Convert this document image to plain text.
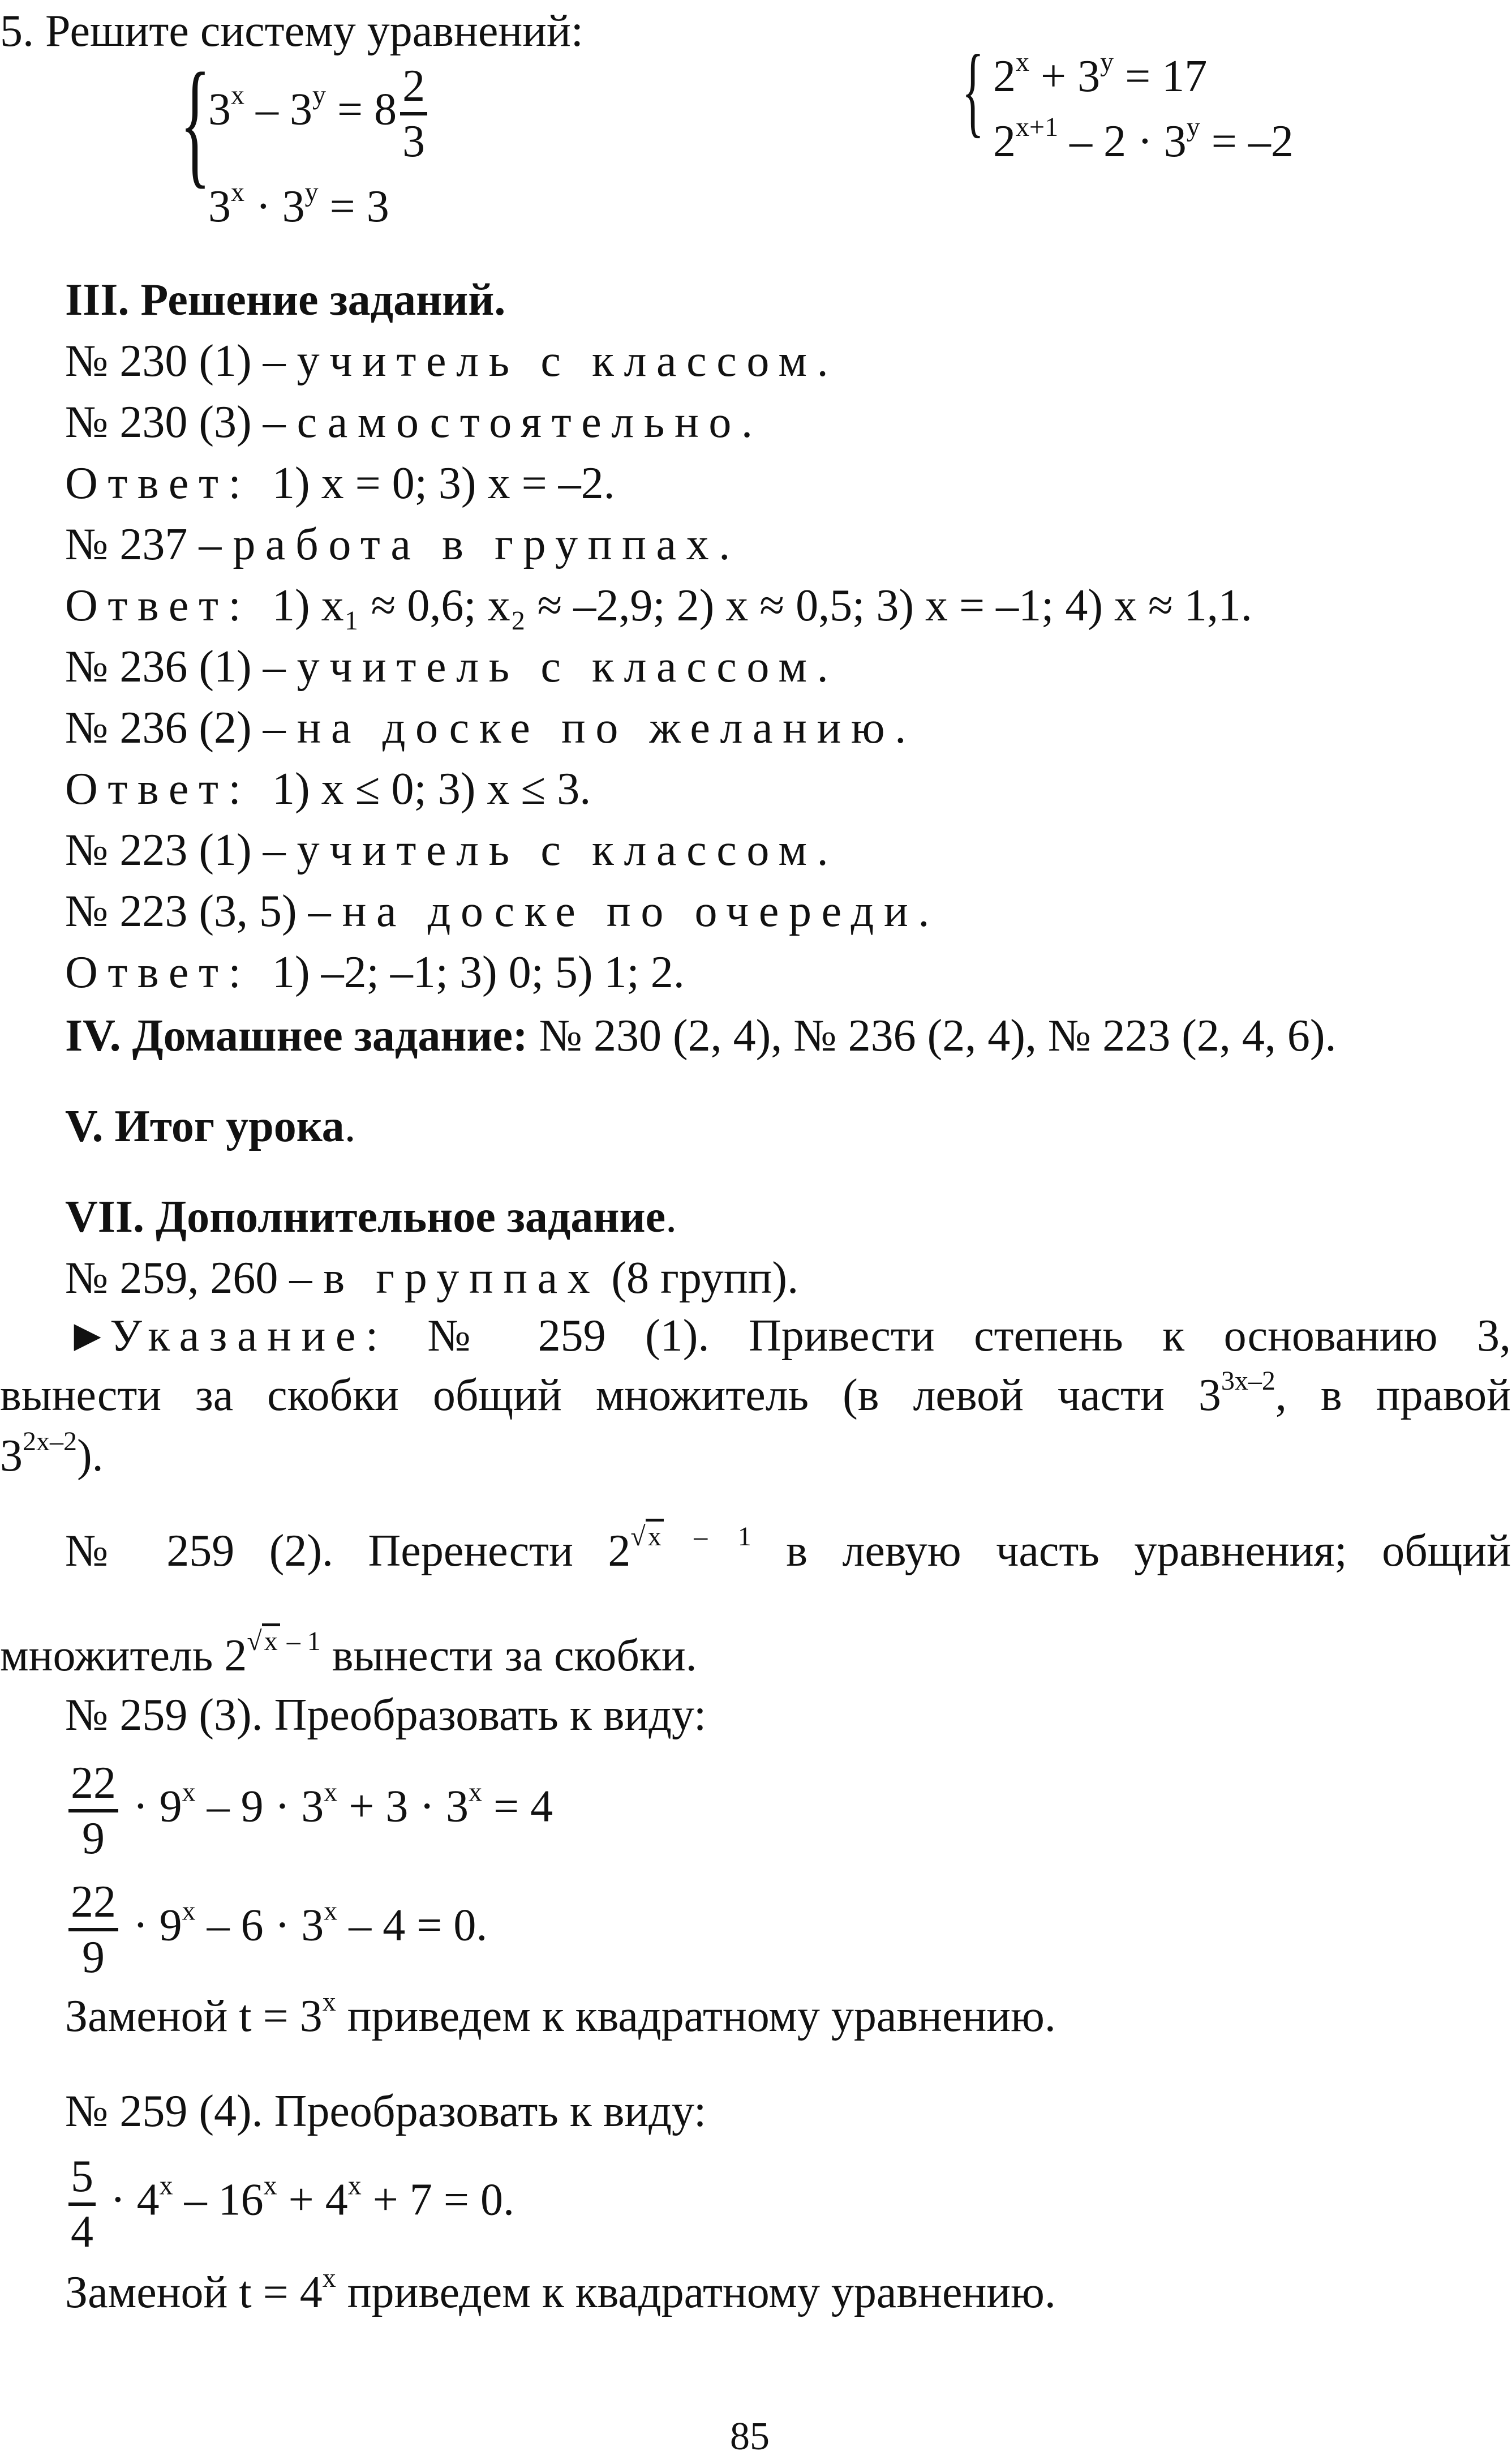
5. Решите систему уравнений:
{
$3^x - 3^y = 8 \frac{2}{3}$
$3^x \cdot 3^y = 3$
{ $2^x + 3^y = 17$
$2^{x+1} - 2 \cdot 3^y = -2$
III. Решение заданий.
№ 230 (1) – учитель с классом.
№ 230 (3) – самостоятельно.
Ответ: 1) x = 0; 3) x = –2.
№ 237 – работа в группах.
Ответ: 1) x₁ ≈ 0,6; x₂ ≈ –2,9; 2) x ≈ 0,5; 3) x = –1; 4) x ≈ 1,1.
№ 236 (1) – учитель с классом.
№ 236 (2) – на доске по желанию.
Ответ: 1) x ≤ 0; 3) x ≤ 3.
№ 223 (1) – учитель с классом.
№ 223 (3, 5) – на доске по очереди.
Ответ: 1) –2; –1; 3) 0; 5) 1; 2.
IV. Домашнее задание: № 230 (2, 4), № 236 (2, 4), № 223 (2, 4, 6).
V. Итог урока.
VII. Дополнительное задание.
№ 259, 260 – в группах (8 групп).
►Указание: № 259 (1). Привести степень к основанию 3,
вынести за скобки общий множитель (в левой части $3^{3x-2}$, в правой
$3^{2x-2}$).
№ 259 (2). Перенести $2^{√x - 1}$ в левую часть уравнения; общий
множитель $2^{√x - 1}$ вынести за скобки.
№ 259 (3). Преобразовать к виду:
$\frac{22}{9} \cdot 9^x - 9 \cdot 3^x + 3 \cdot 3^x = 4$
$\frac{22}{9} \cdot 9^x - 6 \cdot 3^x - 4 = 0$.
Заменой $t = 3^x$ приведем к квадратному уравнению.
№ 259 (4). Преобразовать к виду:
$\frac{5}{4} \cdot 4^x - 16^x + 4^x + 7 = 0$.
Заменой $t = 4^x$ приведем к квадратному уравнению.
85
